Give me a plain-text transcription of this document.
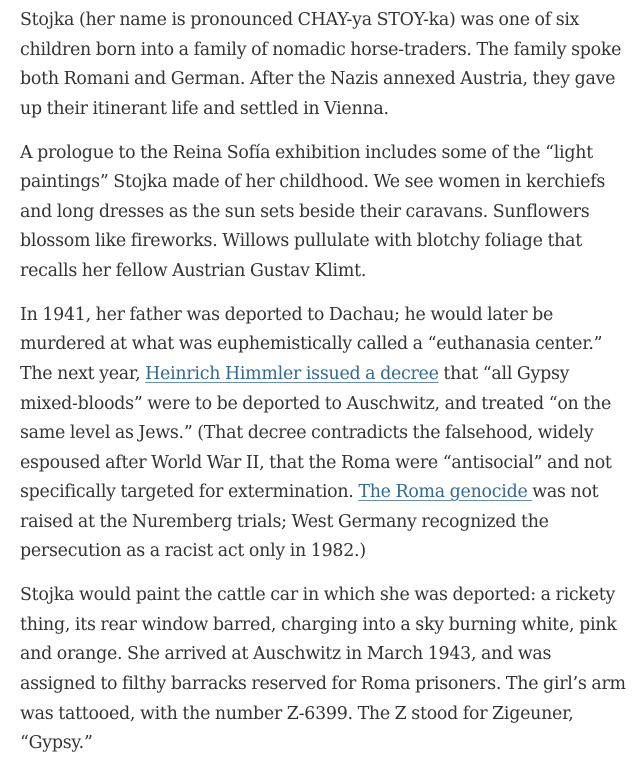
Stojka (her name is pronounced CHAY-ya STOY-ka) was one of six children born into a family of nomadic horse-traders. The family spoke both Romani and German. After the Nazis annexed Austria, they gave up their itinerant life and settled in Vienna.

A prologue to the Reina Sofía exhibition includes some of the “light paintings” Stojka made of her childhood. We see women in kerchiefs and long dresses as the sun sets beside their caravans. Sunflowers blossom like fireworks. Willows pullulate with blotchy foliage that recalls her fellow Austrian Gustav Klimt.

In 1941, her father was deported to Dachau; he would later be murdered at what was euphemistically called a “euthanasia center.” The next year, Heinrich Himmler issued a decree that “all Gypsy mixed-bloods” were to be deported to Auschwitz, and treated “on the same level as Jews.” (That decree contradicts the falsehood, widely espoused after World War II, that the Roma were “antisocial” and not specifically targeted for extermination. The Roma genocide was not raised at the Nuremberg trials; West Germany recognized the persecution as a racist act only in 1982.)

Stojka would paint the cattle car in which she was deported: a rickety thing, its rear window barred, charging into a sky burning white, pink and orange. She arrived at Auschwitz in March 1943, and was assigned to filthy barracks reserved for Roma prisoners. The girl’s arm was tattooed, with the number Z-6399. The Z stood for Zigeuner, “Gypsy.”
